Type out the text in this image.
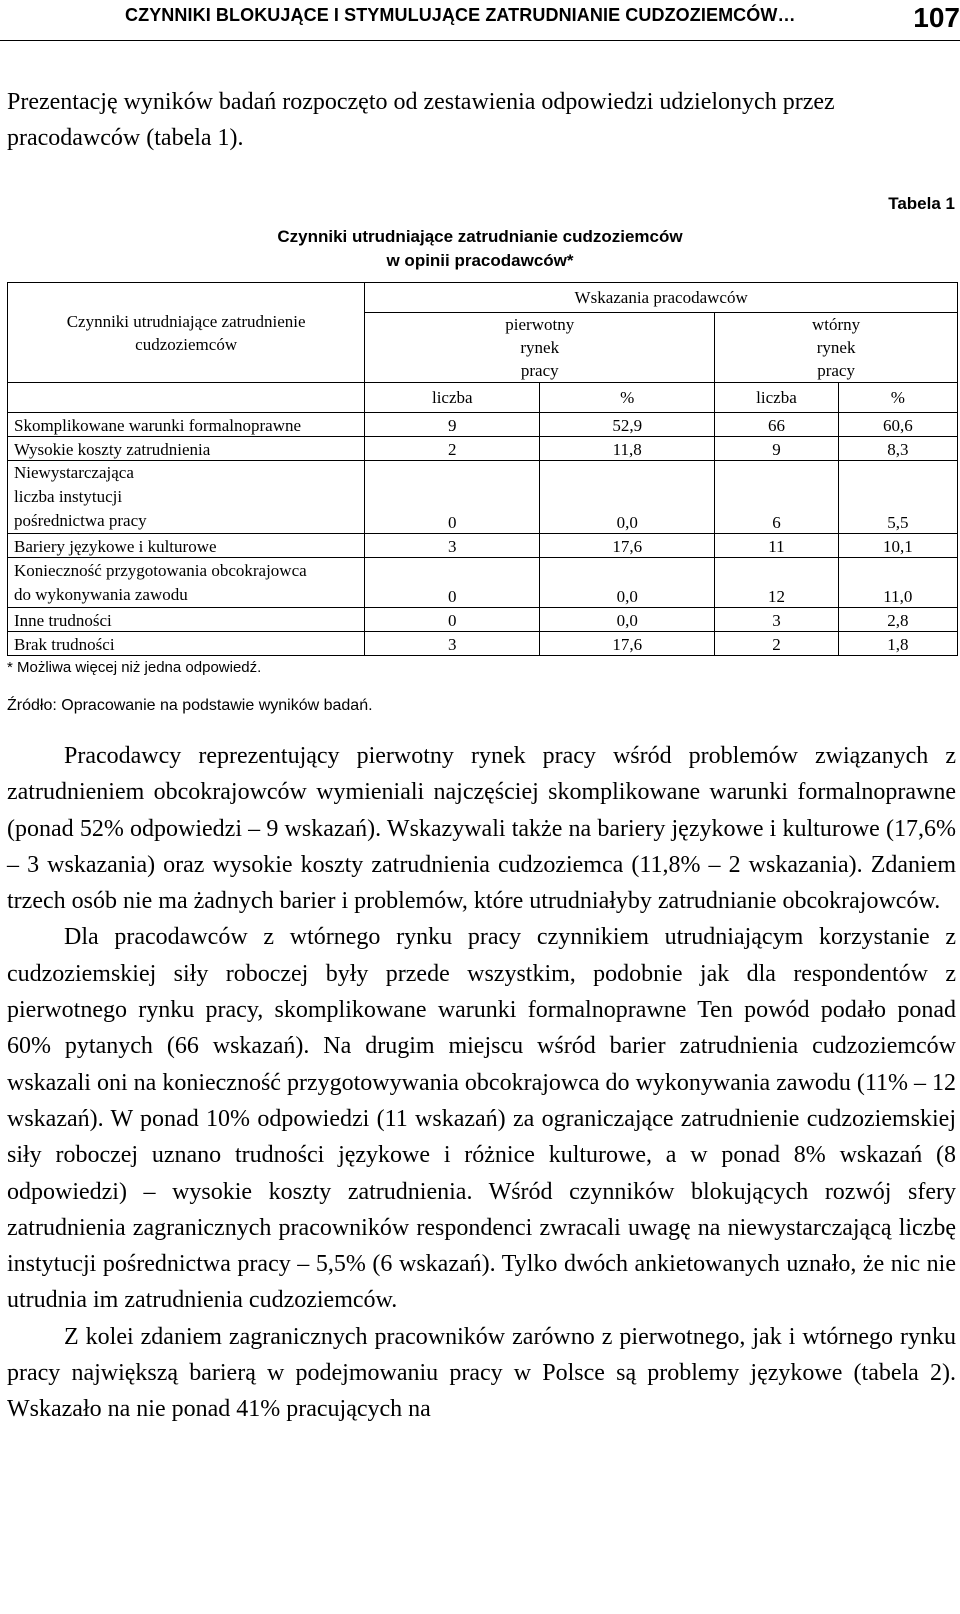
CZYNNIKI BLOKUJĄCE I STYMULUJĄCE ZATRUDNIANIE CUDZOZIEMCÓW…	107
Prezentację wyników badań rozpoczęto od zestawienia odpowiedzi udzielonych przez pracodawców (tabela 1).
Tabela 1
Czynniki utrudniające zatrudnianie cudzoziemców
w opinii pracodawców*
Czynniki utrudniające zatrudnienie cudzoziemców	Wskazania pracodawców			
	pierwotny rynek pracy		wtórny rynek pracy	
	liczba	%	liczba	%
Skomplikowane warunki formalnoprawne	9	52,9	66	60,6
Wysokie koszty zatrudnienia	2	11,8	9	8,3
Niewystarczająca liczba instytucji pośrednictwa pracy	0	0,0	6	5,5
Bariery językowe i kulturowe	3	17,6	11	10,1
Konieczność przygotowania obcokrajowca do wykonywania zawodu	0	0,0	12	11,0
Inne trudności	0	0,0	3	2,8
Brak trudności	3	17,6	2	1,8
* Możliwa więcej niż jedna odpowiedź.
Źródło: Opracowanie na podstawie wyników badań.

Pracodawcy reprezentujący pierwotny rynek pracy wśród problemów związanych z zatrudnieniem obcokrajowców wymieniali najczęściej skomplikowane warunki formalnoprawne (ponad 52% odpowiedzi – 9 wskazań). Wskazywali także na bariery językowe i kulturowe (17,6% – 3 wskazania) oraz wysokie koszty zatrudnienia cudzoziemca (11,8% – 2 wskazania). Zdaniem trzech osób nie ma żadnych barier i problemów, które utrudniałyby zatrudnianie obcokrajowców.

Dla pracodawców z wtórnego rynku pracy czynnikiem utrudniającym korzystanie z cudzoziemskiej siły roboczej były przede wszystkim, podobnie jak dla respondentów z pierwotnego rynku pracy, skomplikowane warunki formalnoprawne Ten powód podało ponad 60% pytanych (66 wskazań). Na drugim miejscu wśród barier zatrudnienia cudzoziemców wskazali oni na konieczność przygotowywania obcokrajowca do wykonywania zawodu (11% – 12 wskazań). W ponad 10% odpowiedzi (11 wskazań) za ograniczające zatrudnienie cudzoziemskiej siły roboczej uznano trudności językowe i różnice kulturowe, a w ponad 8% wskazań (8 odpowiedzi) – wysokie koszty zatrudnienia. Wśród czynników blokujących rozwój sfery zatrudnienia zagranicznych pracowników respondenci zwracali uwagę na niewystarczającą liczbę instytucji pośrednictwa pracy – 5,5% (6 wskazań). Tylko dwóch ankietowanych uznało, że nic nie utrudnia im zatrudnienia cudzoziemców.

Z kolei zdaniem zagranicznych pracowników zarówno z pierwotnego, jak i wtórnego rynku pracy największą barierą w podejmowaniu pracy w Polsce są problemy językowe (tabela 2). Wskazało na nie ponad 41% pracujących na
